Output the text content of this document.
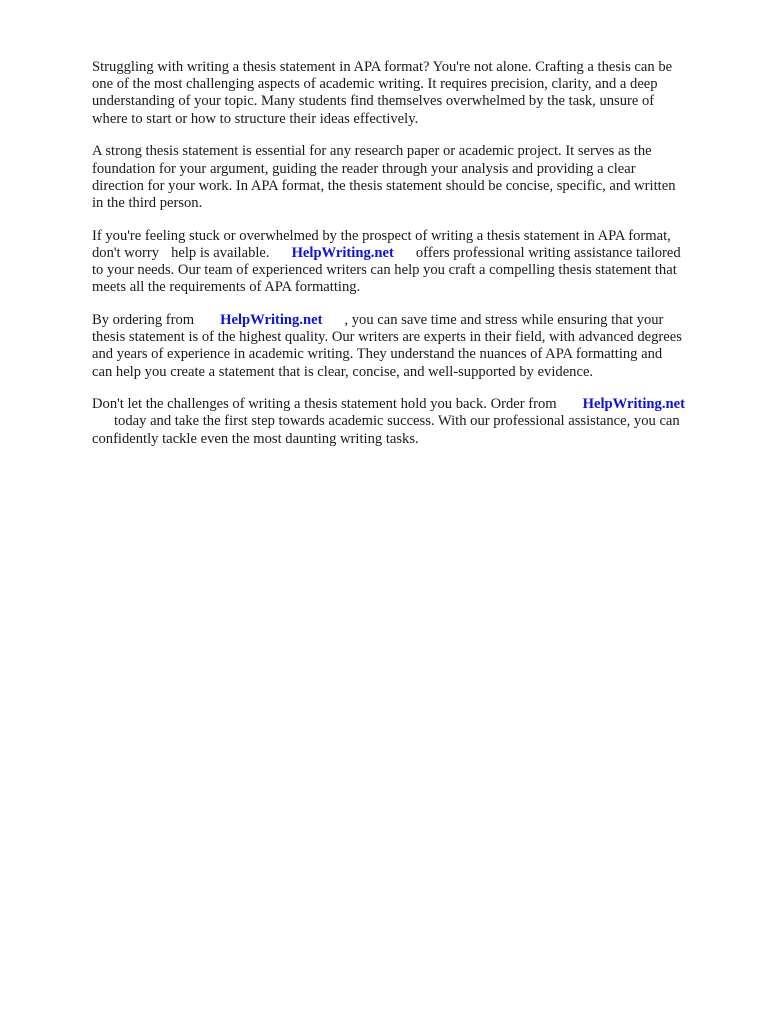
Struggling with writing a thesis statement in APA format? You're not alone. Crafting a thesis can be
one of the most challenging aspects of academic writing. It requires precision, clarity, and a deep
understanding of your topic. Many students find themselves overwhelmed by the task, unsure of
where to start or how to structure their ideas effectively.

A strong thesis statement is essential for any research paper or academic project. It serves as the
foundation for your argument, guiding the reader through your analysis and providing a clear
direction for your work. In APA format, the thesis statement should be concise, specific, and written
in the third person.

If you're feeling stuck or overwhelmed by the prospect of writing a thesis statement in APA format,
don't worry help is available. HelpWriting.net offers professional writing assistance tailored
to your needs. Our team of experienced writers can help you craft a compelling thesis statement that
meets all the requirements of APA formatting.

By ordering from HelpWriting.net , you can save time and stress while ensuring that your
thesis statement is of the highest quality. Our writers are experts in their field, with advanced degrees
and years of experience in academic writing. They understand the nuances of APA formatting and
can help you create a statement that is clear, concise, and well-supported by evidence.

Don't let the challenges of writing a thesis statement hold you back. Order from HelpWriting.net
today and take the first step towards academic success. With our professional assistance, you can
confidently tackle even the most daunting writing tasks.
